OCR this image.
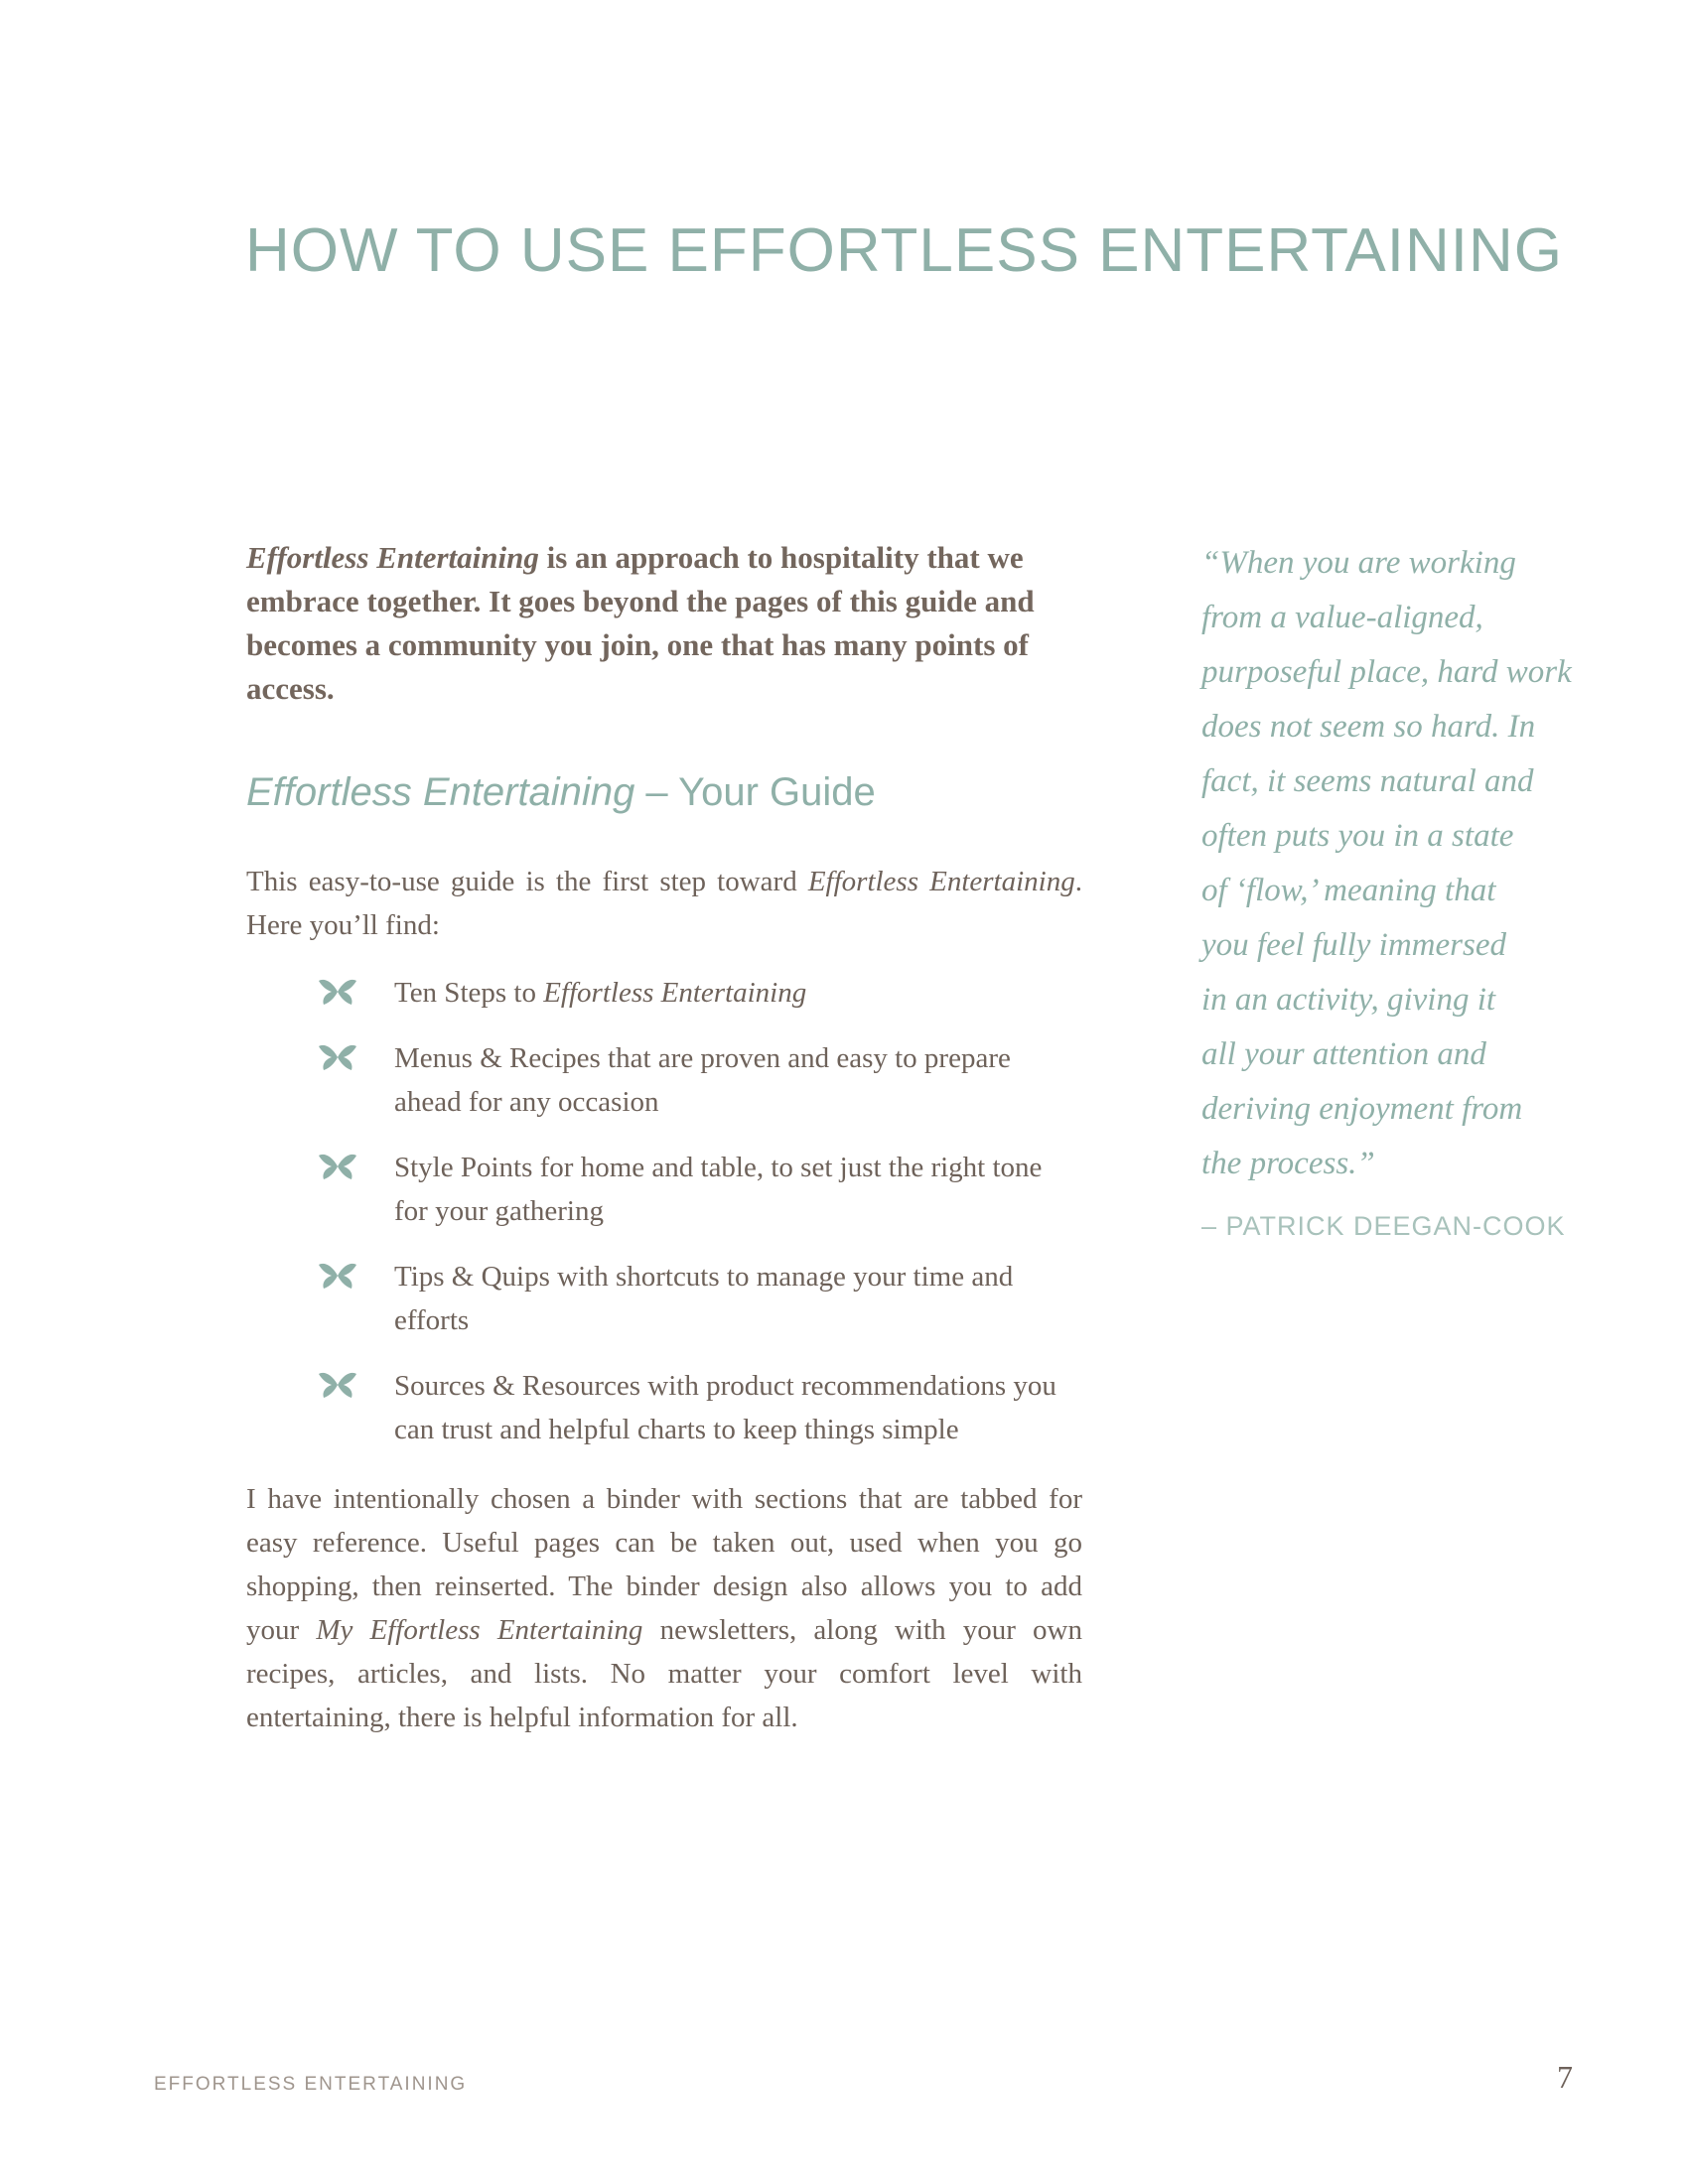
HOW TO USE EFFORTLESS ENTERTAINING

Effortless Entertaining is an approach to hospitality that we embrace together. It goes beyond the pages of this guide and becomes a community you join, one that has many points of access.

Effortless Entertaining – Your Guide

This easy-to-use guide is the first step toward Effortless Entertaining. Here you’ll find:

Ten Steps to Effortless Entertaining
Menus & Recipes that are proven and easy to prepare ahead for any occasion
Style Points for home and table, to set just the right tone for your gathering
Tips & Quips with shortcuts to manage your time and efforts
Sources & Resources with product recommendations you can trust and helpful charts to keep things simple

I have intentionally chosen a binder with sections that are tabbed for easy reference. Useful pages can be taken out, used when you go shopping, then reinserted. The binder design also allows you to add your My Effortless Entertaining newsletters, along with your own recipes, articles, and lists. No matter your comfort level with entertaining, there is helpful information for all.

“When you are working
from a value-aligned,
purposeful place, hard work
does not seem so hard. In
fact, it seems natural and
often puts you in a state
of ‘flow,’ meaning that
you feel fully immersed
in an activity, giving it
all your attention and
deriving enjoyment from
the process.”

– PATRICK DEEGAN-COOK
EFFORTLESS ENTERTAINING	7
